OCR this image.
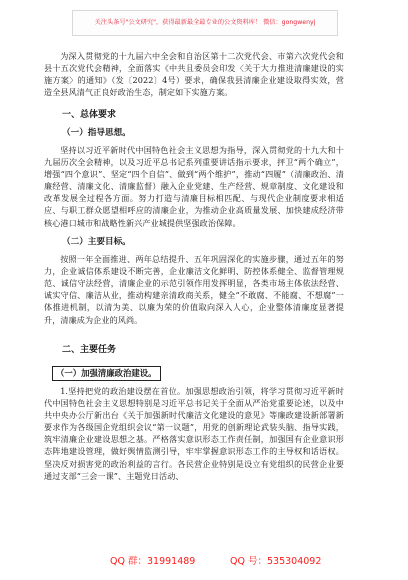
关注头条号"公文研究"，获得最新最全最专业的公文资料库！ 微信：gongwenyj

为深入贯彻党的十九届六中全会和自治区第十二次党代会、市第六次党代会和县十五次党代会精神，全面落实《中共且委员会印发〈关于大力推进清廉建设的实施方案〉的通知》（发〔2022〕4号）要求，确保我县清廉企业建设取得实效，营造全县风清气正良好政治生态，制定如下实施方案。

一、总体要求
（一）指导思想。

坚持以习近平新时代中国特色社会主义思想为指导，深入贯彻党的十九大和十九届历次全会精神，以及习近平总书记系列重要讲话指示要求，抨卫“两个确立”，增强“四个意识”、坚定“四个自信”、做到“两个维护”，推动“四履”（清廉政治、清廉经营、清廉文化、清廉监督）融入企业党建、生产经营、规章制度、文化建设和改革发展全过程各方面。努力打造与清廉目标相匹配、与现代企业制度要求相适应、与职工群众愿望相呼应的清廉企业，为推动企业高质量发展、加快建成经济带核心港口城市和战略性新兴产业城提供坚强政治保障。

（二）主要目标。

按照一年全面推进、两年总结提升、五年巩固深化的实施步骤，通过五年的努力，企业诚信体系建设不断完善，企业廉洁文化鲜明、防控体系健全、监督管理规范、诚信守法经营，清廉企业的示范引领作用发挥明显，各类市场主体依法经营、诚实守信、廉洁从业，推动构建亲清政商关系，健全“不敢腐、不能腐、不想腐”一体推进机制，以清为美、以廉为荣的价值取向深入人心，企业整体清廉度显著提升，清廉成为企业的风尚。

二、主要任务
（一）加强清廉政治建设。

1.坚持把党的政治建设摆在首位。加强思想政治引领，将学习贯彻习近平新时代中国特色社会主义思想特别是习近平总书记关于全面从严治党重要论述，以及中共中央办公厅新出台《关于加强新时代廉洁文化建设的意见》等廉政建设新部署新要求作为各级国企党组织会议“第一议题”，用党的创新理论武装头脑、指导实践，筑牢清廉企业建设思想之基。严格落实意识形态工作责任制，加强国有企业意识形态阵地建设管理，做好舆情监测引导，牢牢掌握意识形态工作的主导权和话语权。坚决反对损害党的政治利益的言行。各民营企业特别是设立有党组织的民营企业要通过支部“三会一课”、主题党日活动、

QQ 群：31991489	QQ 号：535304092
